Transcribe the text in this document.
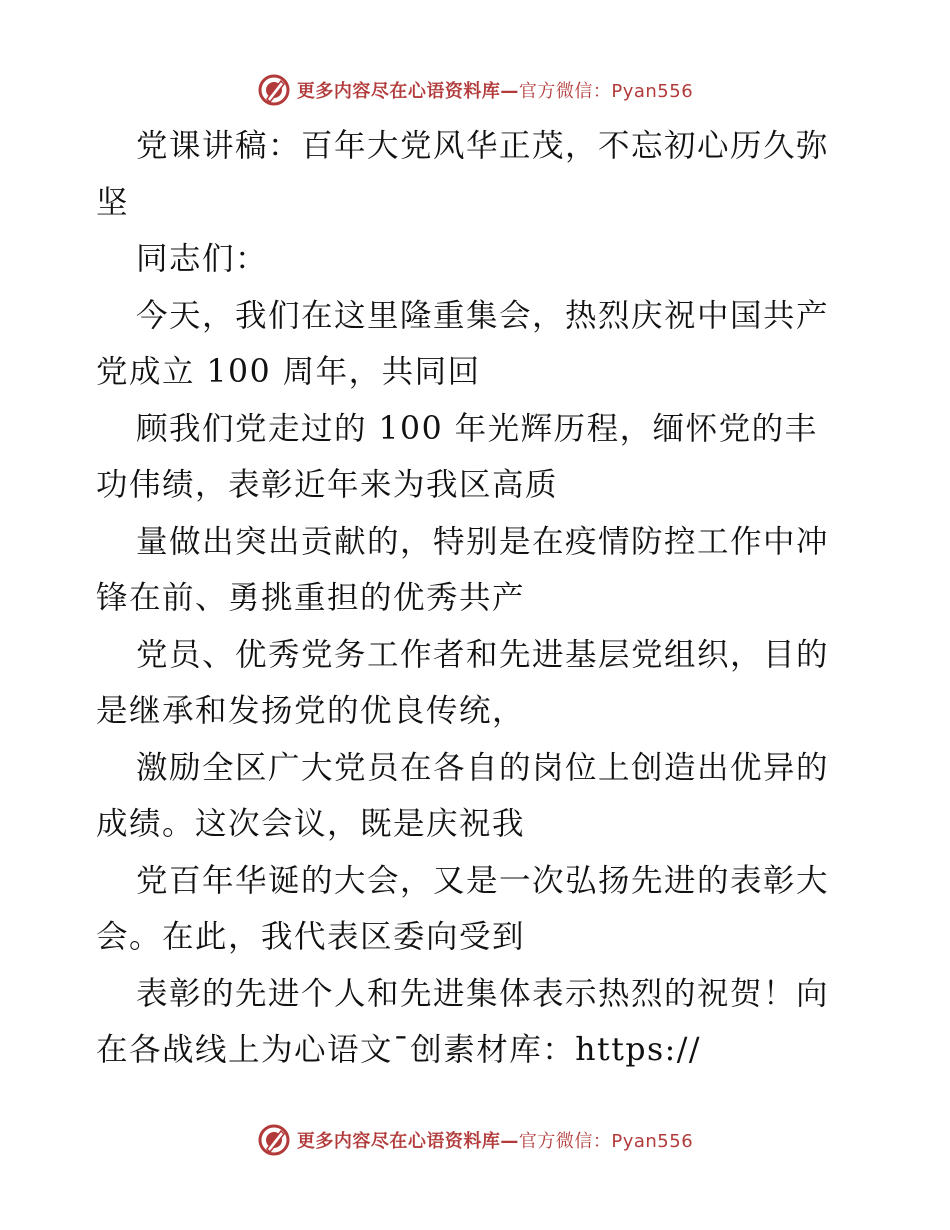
更多内容尽在心语资料库—官方微信：Pyan556
党课讲稿：百年大党风华正茂，不忘初心历久弥
坚
同志们：
今天，我们在这里隆重集会，热烈庆祝中国共产
党成立 100 周年，共同回
顾我们党走过的 100 年光辉历程，缅怀党的丰
功伟绩，表彰近年来为我区高质
量做出突出贡献的，特别是在疫情防控工作中冲
锋在前、勇挑重担的优秀共产
党员、优秀党务工作者和先进基层党组织，目的
是继承和发扬党的优良传统，
激励全区广大党员在各自的岗位上创造出优异的
成绩。这次会议，既是庆祝我
党百年华诞的大会，又是一次弘扬先进的表彰大
会。在此，我代表区委向受到
表彰的先进个人和先进集体表示热烈的祝贺！向
在各战线上为心语文¯创素材库：https://
更多内容尽在心语资料库—官方微信：Pyan556
